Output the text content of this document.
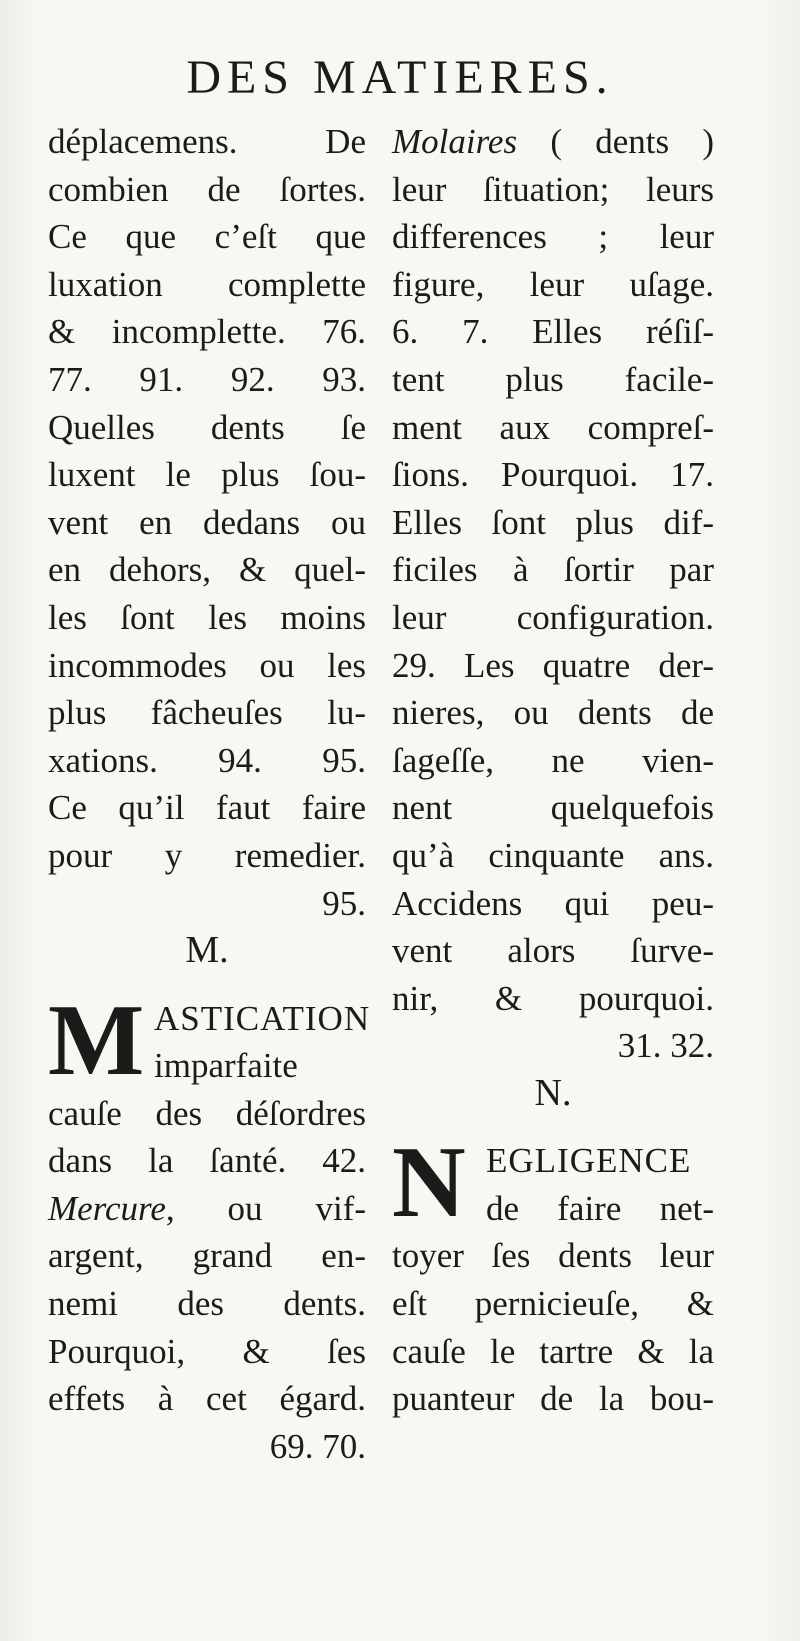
DES MATIERES.
déplacemens. De
combien de ſortes.
Ce que c’eſt que
luxation complette
& incomplette. 76.
77. 91. 92. 93.
Quelles dents ſe
luxent le plus ſou-
vent en dedans ou
en dehors, & quel-
les ſont les moins
incommodes ou les
plus fâcheuſes lu-
xations. 94. 95.
Ce qu’il faut faire
pour y remedier.
95.
M.
M ASTICATION
imparfaite
cauſe des déſordres
dans la ſanté. 42.
Mercure, ou vif-
argent, grand en-
nemi des dents.
Pourquoi, & ſes
effets à cet égard.
69. 70.
Molaires ( dents )
leur ſituation; leurs
differences ; leur
figure, leur uſage.
6. 7. Elles réſiſ-
tent plus facile-
ment aux compreſ-
ſions. Pourquoi. 17.
Elles ſont plus dif-
ficiles à ſortir par
leur configuration.
29. Les quatre der-
nieres, ou dents de
ſageſſe, ne vien-
nent quelquefois
qu’à cinquante ans.
Accidens qui peu-
vent alors ſurve-
nir, & pourquoi.
31. 32.
N.
N EGLIGENCE
de faire net-
toyer ſes dents leur
eſt pernicieuſe, &
cauſe le tartre & la
puanteur de la bou-
